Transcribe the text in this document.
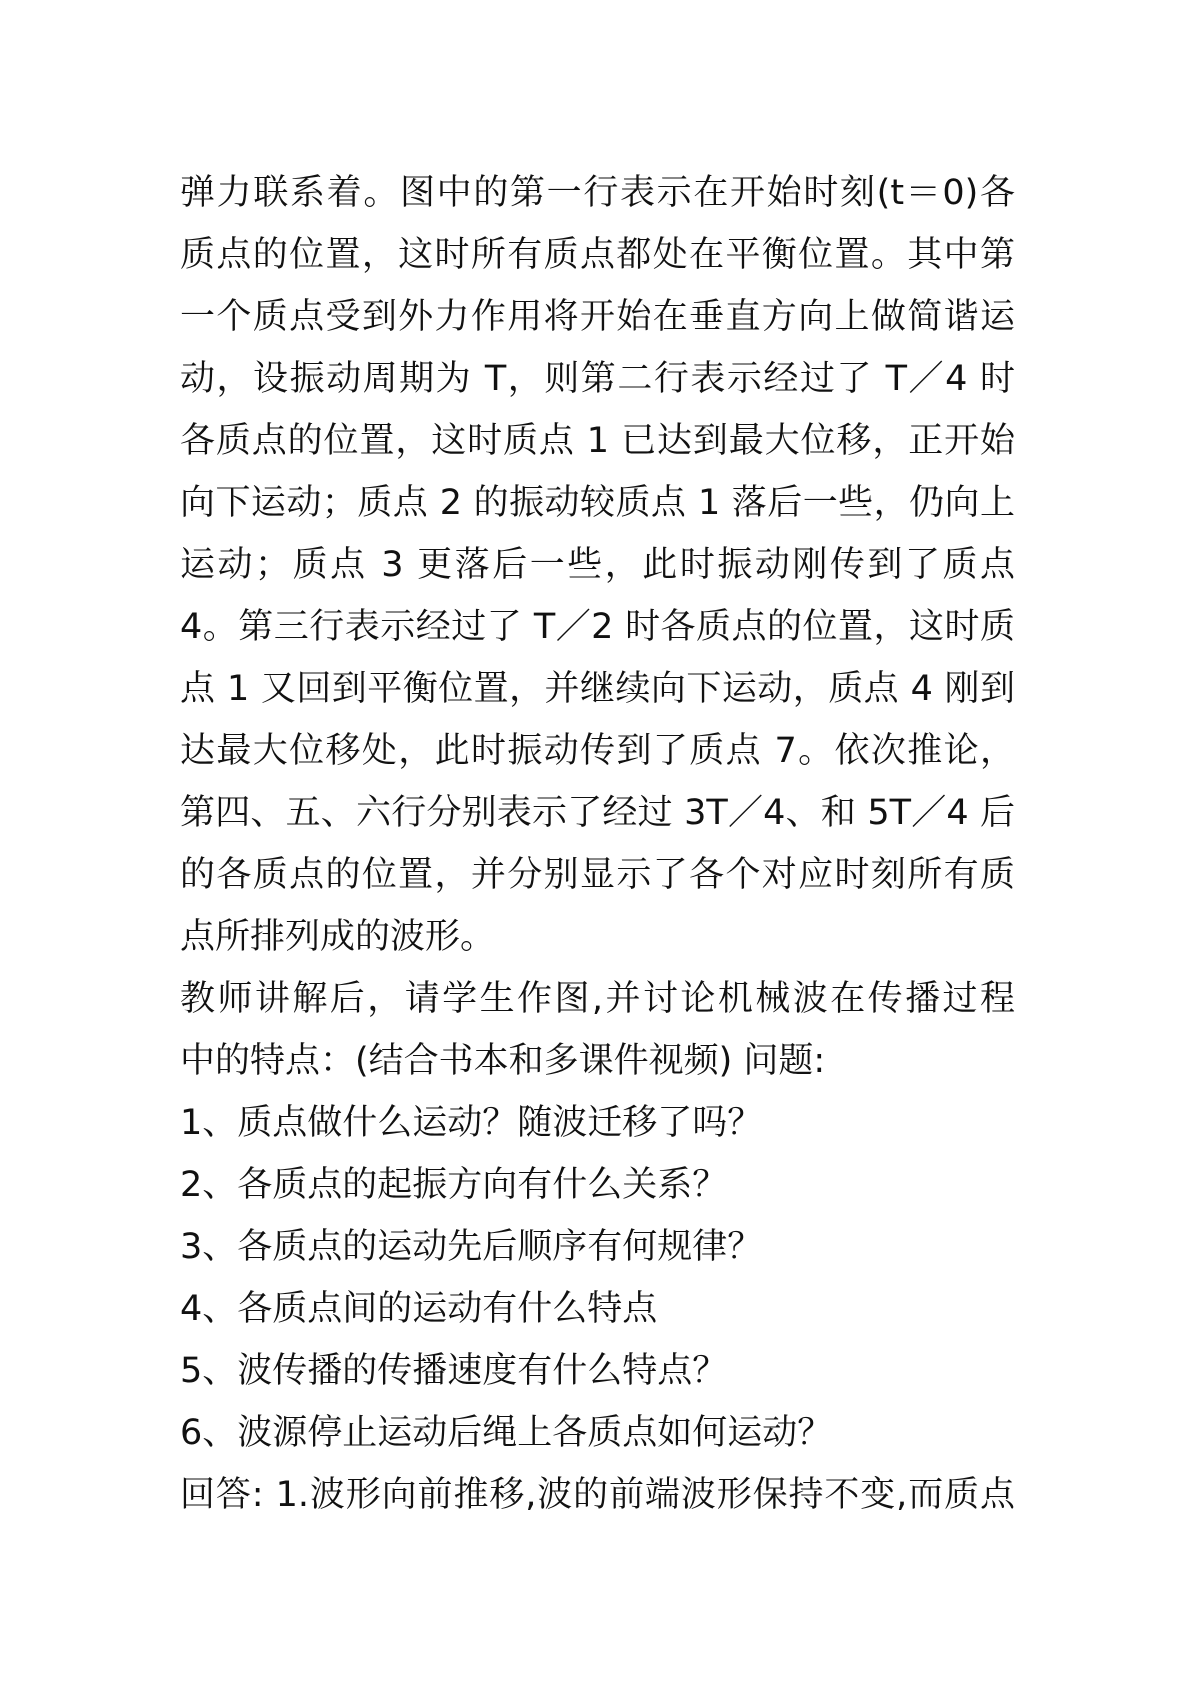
弹力联系着。图中的第一行表示在开始时刻(t＝0)各
质点的位置，这时所有质点都处在平衡位置。其中第
一个质点受到外力作用将开始在垂直方向上做简谐运
动，设振动周期为 T，则第二行表示经过了 T／4 时
各质点的位置，这时质点 1 已达到最大位移，正开始
向下运动；质点 2 的振动较质点 1 落后一些，仍向上
运动；质点 3 更落后一些，此时振动刚传到了质点
4。第三行表示经过了 T／2 时各质点的位置，这时质
点 1 又回到平衡位置，并继续向下运动，质点 4 刚到
达最大位移处，此时振动传到了质点 7。依次推论，
第四、五、六行分别表示了经过 3T／4、和 5T／4 后
的各质点的位置，并分别显示了各个对应时刻所有质
点所排列成的波形。
教师讲解后，请学生作图,并讨论机械波在传播过程
中的特点：(结合书本和多课件视频) 问题:
1、质点做什么运动？随波迁移了吗？
2、各质点的起振方向有什么关系？
3、各质点的运动先后顺序有何规律？
4、各质点间的运动有什么特点
5、波传播的传播速度有什么特点？
6、波源停止运动后绳上各质点如何运动？
回答: 1.波形向前推移,波的前端波形保持不变,而质点
